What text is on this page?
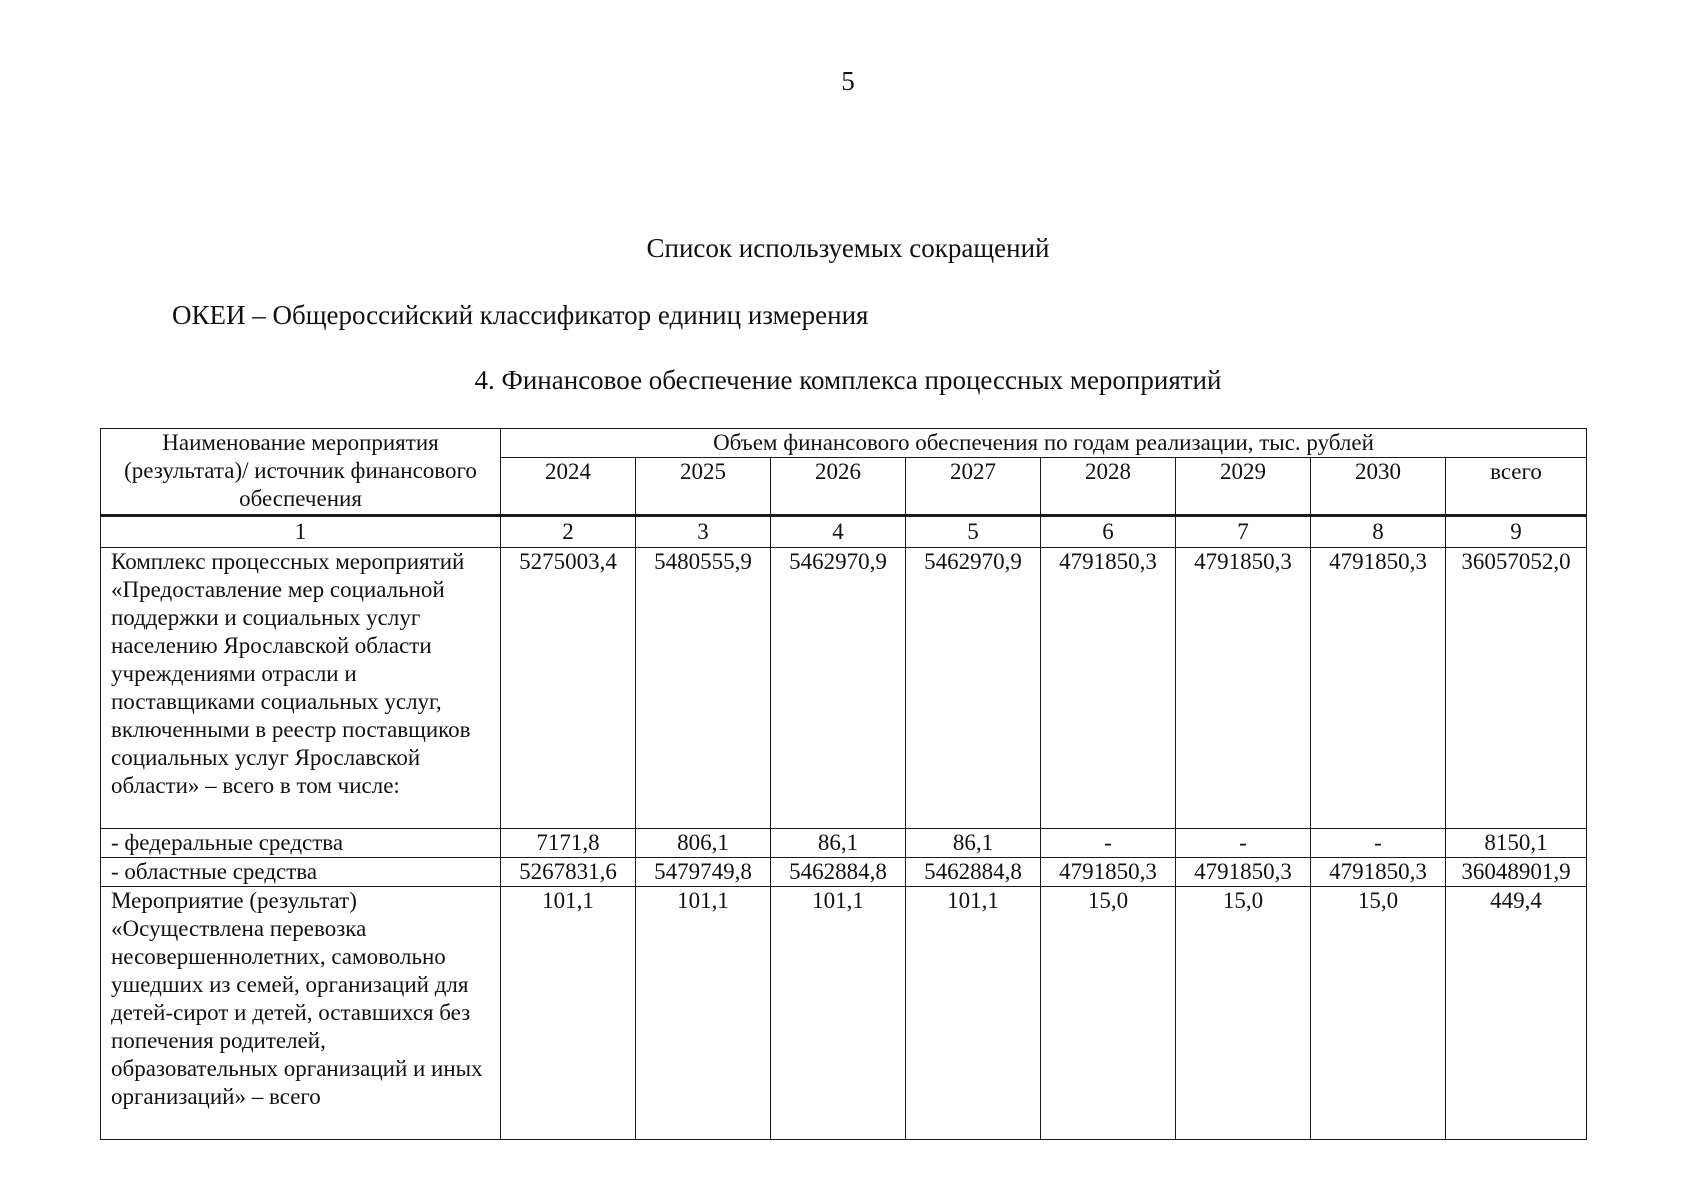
5
Список используемых сокращений
ОКЕИ – Общероссийский классификатор единиц измерения
4. Финансовое обеспечение комплекса процессных мероприятий
Наименование мероприятия (результата)/ источник финансового обеспечения	Объем финансового обеспечения по годам реализации, тыс. рублей							
	2024	2025	2026	2027	2028	2029	2030	всего
1	2	3	4	5	6	7	8	9
Комплекс процессных мероприятий «Предоставление мер социальной поддержки и социальных услуг населению Ярославской области учреждениями отрасли и поставщиками социальных услуг, включенными в реестр поставщиков социальных услуг Ярославской области» – всего в том числе:	5275003,4	5480555,9	5462970,9	5462970,9	4791850,3	4791850,3	4791850,3	36057052,0
- федеральные средства	7171,8	806,1	86,1	86,1	-	-	-	8150,1
- областные средства	5267831,6	5479749,8	5462884,8	5462884,8	4791850,3	4791850,3	4791850,3	36048901,9
Мероприятие (результат) «Осуществлена перевозка несовершеннолетних, самовольно ушедших из семей, организаций для детей-сирот и детей, оставшихся без попечения родителей, образовательных организаций и иных организаций» – всего	101,1	101,1	101,1	101,1	15,0	15,0	15,0	449,4
